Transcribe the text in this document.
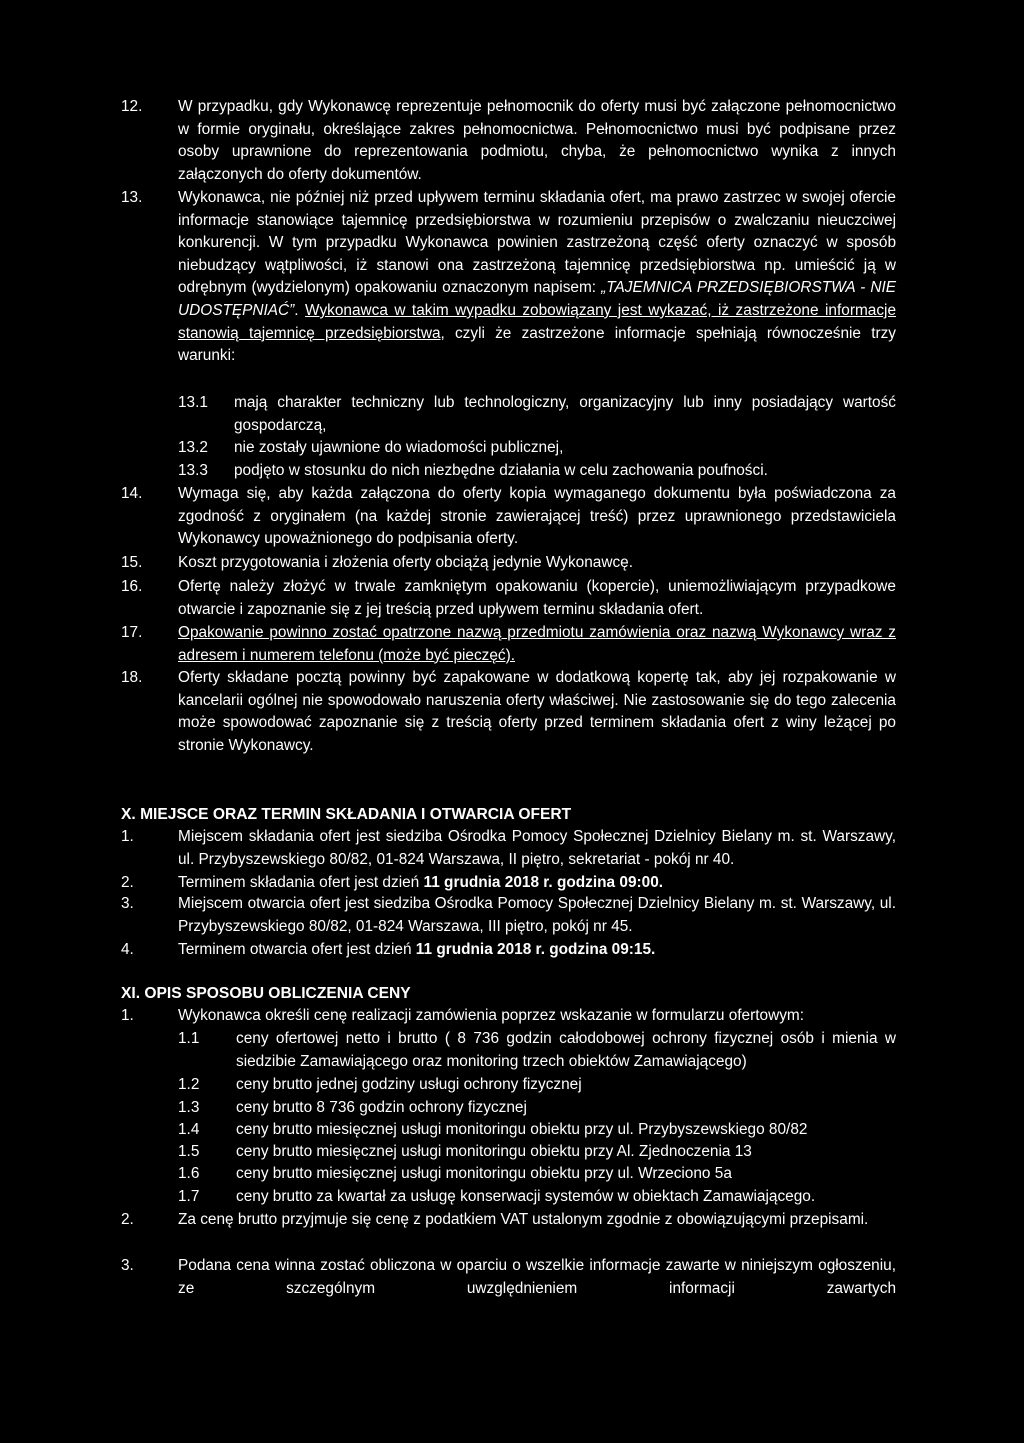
12. W przypadku, gdy Wykonawcę reprezentuje pełnomocnik do oferty musi być załączone pełnomocnictwo w formie oryginału, określające zakres pełnomocnictwa. Pełnomocnictwo musi być podpisane przez osoby uprawnione do reprezentowania podmiotu, chyba, że pełnomocnictwo wynika z innych załączonych do oferty dokumentów.
13. Wykonawca, nie później niż przed upływem terminu składania ofert, ma prawo zastrzec w swojej ofercie informacje stanowiące tajemnicę przedsiębiorstwa w rozumieniu przepisów o zwalczaniu nieuczciwej konkurencji. W tym przypadku Wykonawca powinien zastrzeżoną część oferty oznaczyć w sposób niebudzący wątpliwości, iż stanowi ona zastrzeżoną tajemnicę przedsiębiorstwa np. umieścić ją w odrębnym (wydzielonym) opakowaniu oznaczonym napisem: „TAJEMNICA PRZEDSIĘBIORSTWA - NIE UDOSTĘPNIAĆ”. Wykonawca w takim wypadku zobowiązany jest wykazać, iż zastrzeżone informacje stanowią tajemnicę przedsiębiorstwa, czyli że zastrzeżone informacje spełniają równocześnie trzy warunki:
13.1 mają charakter techniczny lub technologiczny, organizacyjny lub inny posiadający wartość gospodarczą,
13.2 nie zostały ujawnione do wiadomości publicznej,
13.3 podjęto w stosunku do nich niezbędne działania w celu zachowania poufności.
14. Wymaga się, aby każda załączona do oferty kopia wymaganego dokumentu była poświadczona za zgodność z oryginałem (na każdej stronie zawierającej treść) przez uprawnionego przedstawiciela Wykonawcy upoważnionego do podpisania oferty.
15. Koszt przygotowania i złożenia oferty obciążą jedynie Wykonawcę.
16. Ofertę należy złożyć w trwale zamkniętym opakowaniu (kopercie), uniemożliwiającym przypadkowe otwarcie i zapoznanie się z jej treścią przed upływem terminu składania ofert.
17. Opakowanie powinno zostać opatrzone nazwą przedmiotu zamówienia oraz nazwą Wykonawcy wraz z adresem i numerem telefonu (może być pieczęć).
18. Oferty składane pocztą powinny być zapakowane w dodatkową kopertę tak, aby jej rozpakowanie w kancelarii ogólnej nie spowodowało naruszenia oferty właściwej. Nie zastosowanie się do tego zalecenia może spowodować zapoznanie się z treścią oferty przed terminem składania ofert z winy leżącej po stronie Wykonawcy.
X. MIEJSCE ORAZ TERMIN SKŁADANIA I OTWARCIA OFERT
1.	Miejscem składania ofert jest siedziba Ośrodka Pomocy Społecznej Dzielnicy Bielany m. st. Warszawy, ul. Przybyszewskiego 80/82, 01-824 Warszawa, II piętro, sekretariat - pokój nr 40.
2.	Terminem składania ofert jest dzień 11 grudnia 2018 r. godzina 09:00.
3.	Miejscem otwarcia ofert jest siedziba Ośrodka Pomocy Społecznej Dzielnicy Bielany m. st. Warszawy, ul. Przybyszewskiego 80/82, 01-824 Warszawa, III piętro, pokój nr 45.
4.	Terminem otwarcia ofert jest dzień 11 grudnia 2018 r. godzina 09:15.
XI. OPIS SPOSOBU OBLICZENIA CENY
1.	Wykonawca określi cenę realizacji zamówienia poprzez wskazanie w formularzu ofertowym:
1.1 ceny ofertowej netto i brutto ( 8 736 godzin całodobowej ochrony fizycznej osób i mienia w siedzibie Zamawiającego oraz monitoring trzech obiektów Zamawiającego)
1.2 ceny brutto jednej godziny usługi ochrony fizycznej
1.3 ceny brutto 8 736 godzin ochrony fizycznej
1.4 ceny brutto miesięcznej usługi monitoringu obiektu przy ul. Przybyszewskiego 80/82
1.5 ceny brutto miesięcznej usługi monitoringu obiektu przy Al. Zjednoczenia 13
1.6 ceny brutto miesięcznej usługi monitoringu obiektu przy ul. Wrzeciono 5a
1.7 ceny brutto za kwartał za usługę konserwacji systemów w obiektach Zamawiającego.
2.	Za cenę brutto przyjmuje się cenę z podatkiem VAT ustalonym zgodnie z obowiązującymi przepisami.
3.	Podana cena winna zostać obliczona w oparciu o wszelkie informacje zawarte w niniejszym ogłoszeniu, ze szczególnym uwzględnieniem informacji zawartych
